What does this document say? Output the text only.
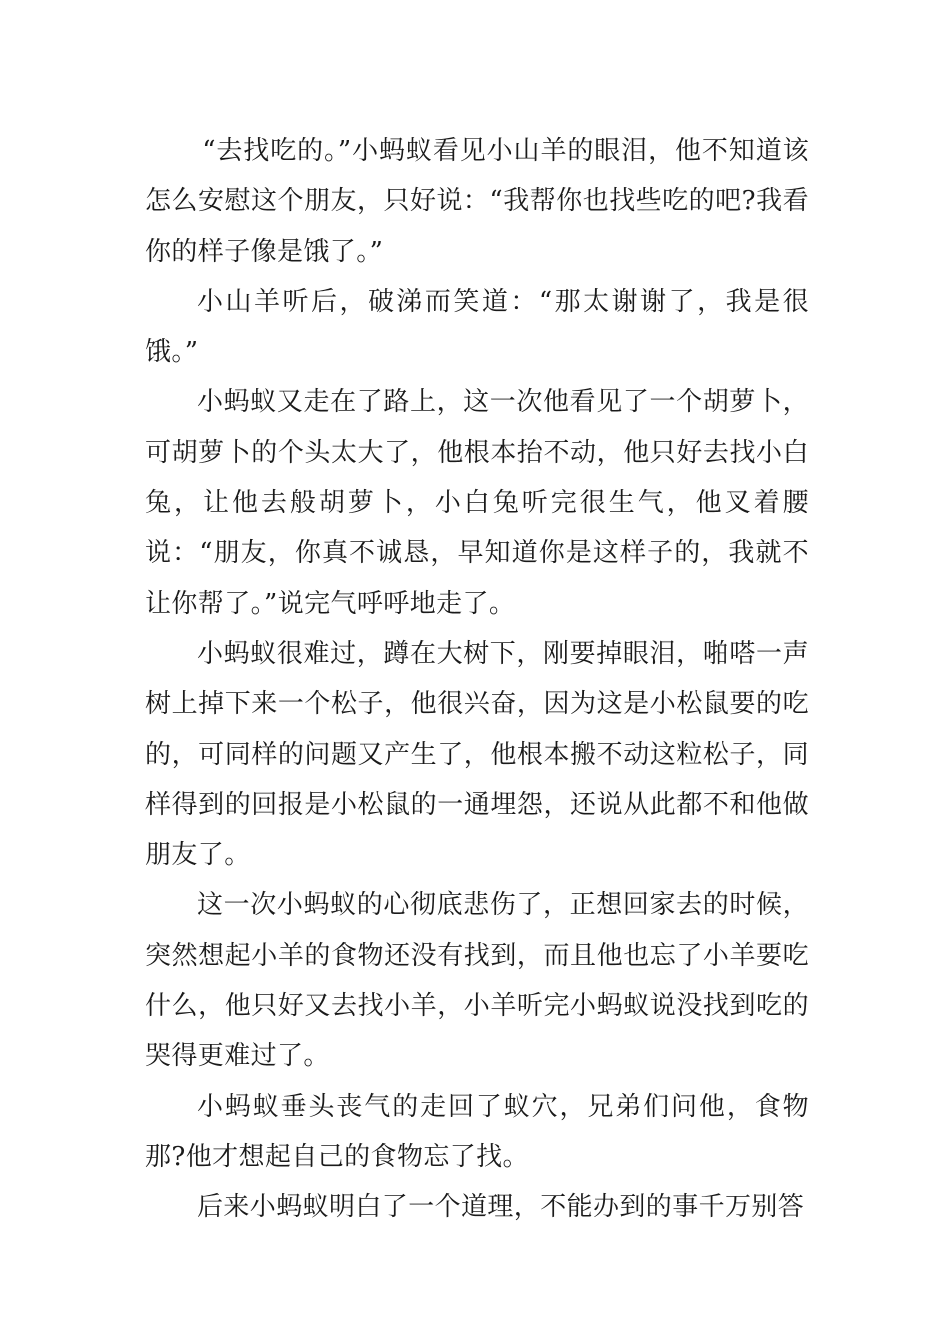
“去找吃的。”小蚂蚁看见小山羊的眼泪，他不知道该怎么安慰这个朋友，只好说：“我帮你也找些吃的吧?我看你的样子像是饿了。”

小山羊听后，破涕而笑道：“那太谢谢了，我是很饿。”

小蚂蚁又走在了路上，这一次他看见了一个胡萝卜，可胡萝卜的个头太大了，他根本抬不动，他只好去找小白兔，让他去般胡萝卜，小白兔听完很生气，他叉着腰说：“朋友，你真不诚恳，早知道你是这样子的，我就不让你帮了。”说完气呼呼地走了。

小蚂蚁很难过，蹲在大树下，刚要掉眼泪，啪嗒一声树上掉下来一个松子，他很兴奋，因为这是小松鼠要的吃的，可同样的问题又产生了，他根本搬不动这粒松子，同样得到的回报是小松鼠的一通埋怨，还说从此都不和他做朋友了。

这一次小蚂蚁的心彻底悲伤了，正想回家去的时候，突然想起小羊的食物还没有找到，而且他也忘了小羊要吃什么，他只好又去找小羊，小羊听完小蚂蚁说没找到吃的哭得更难过了。

小蚂蚁垂头丧气的走回了蚁穴，兄弟们问他，食物那?他才想起自己的食物忘了找。

后来小蚂蚁明白了一个道理，不能办到的事千万别答
